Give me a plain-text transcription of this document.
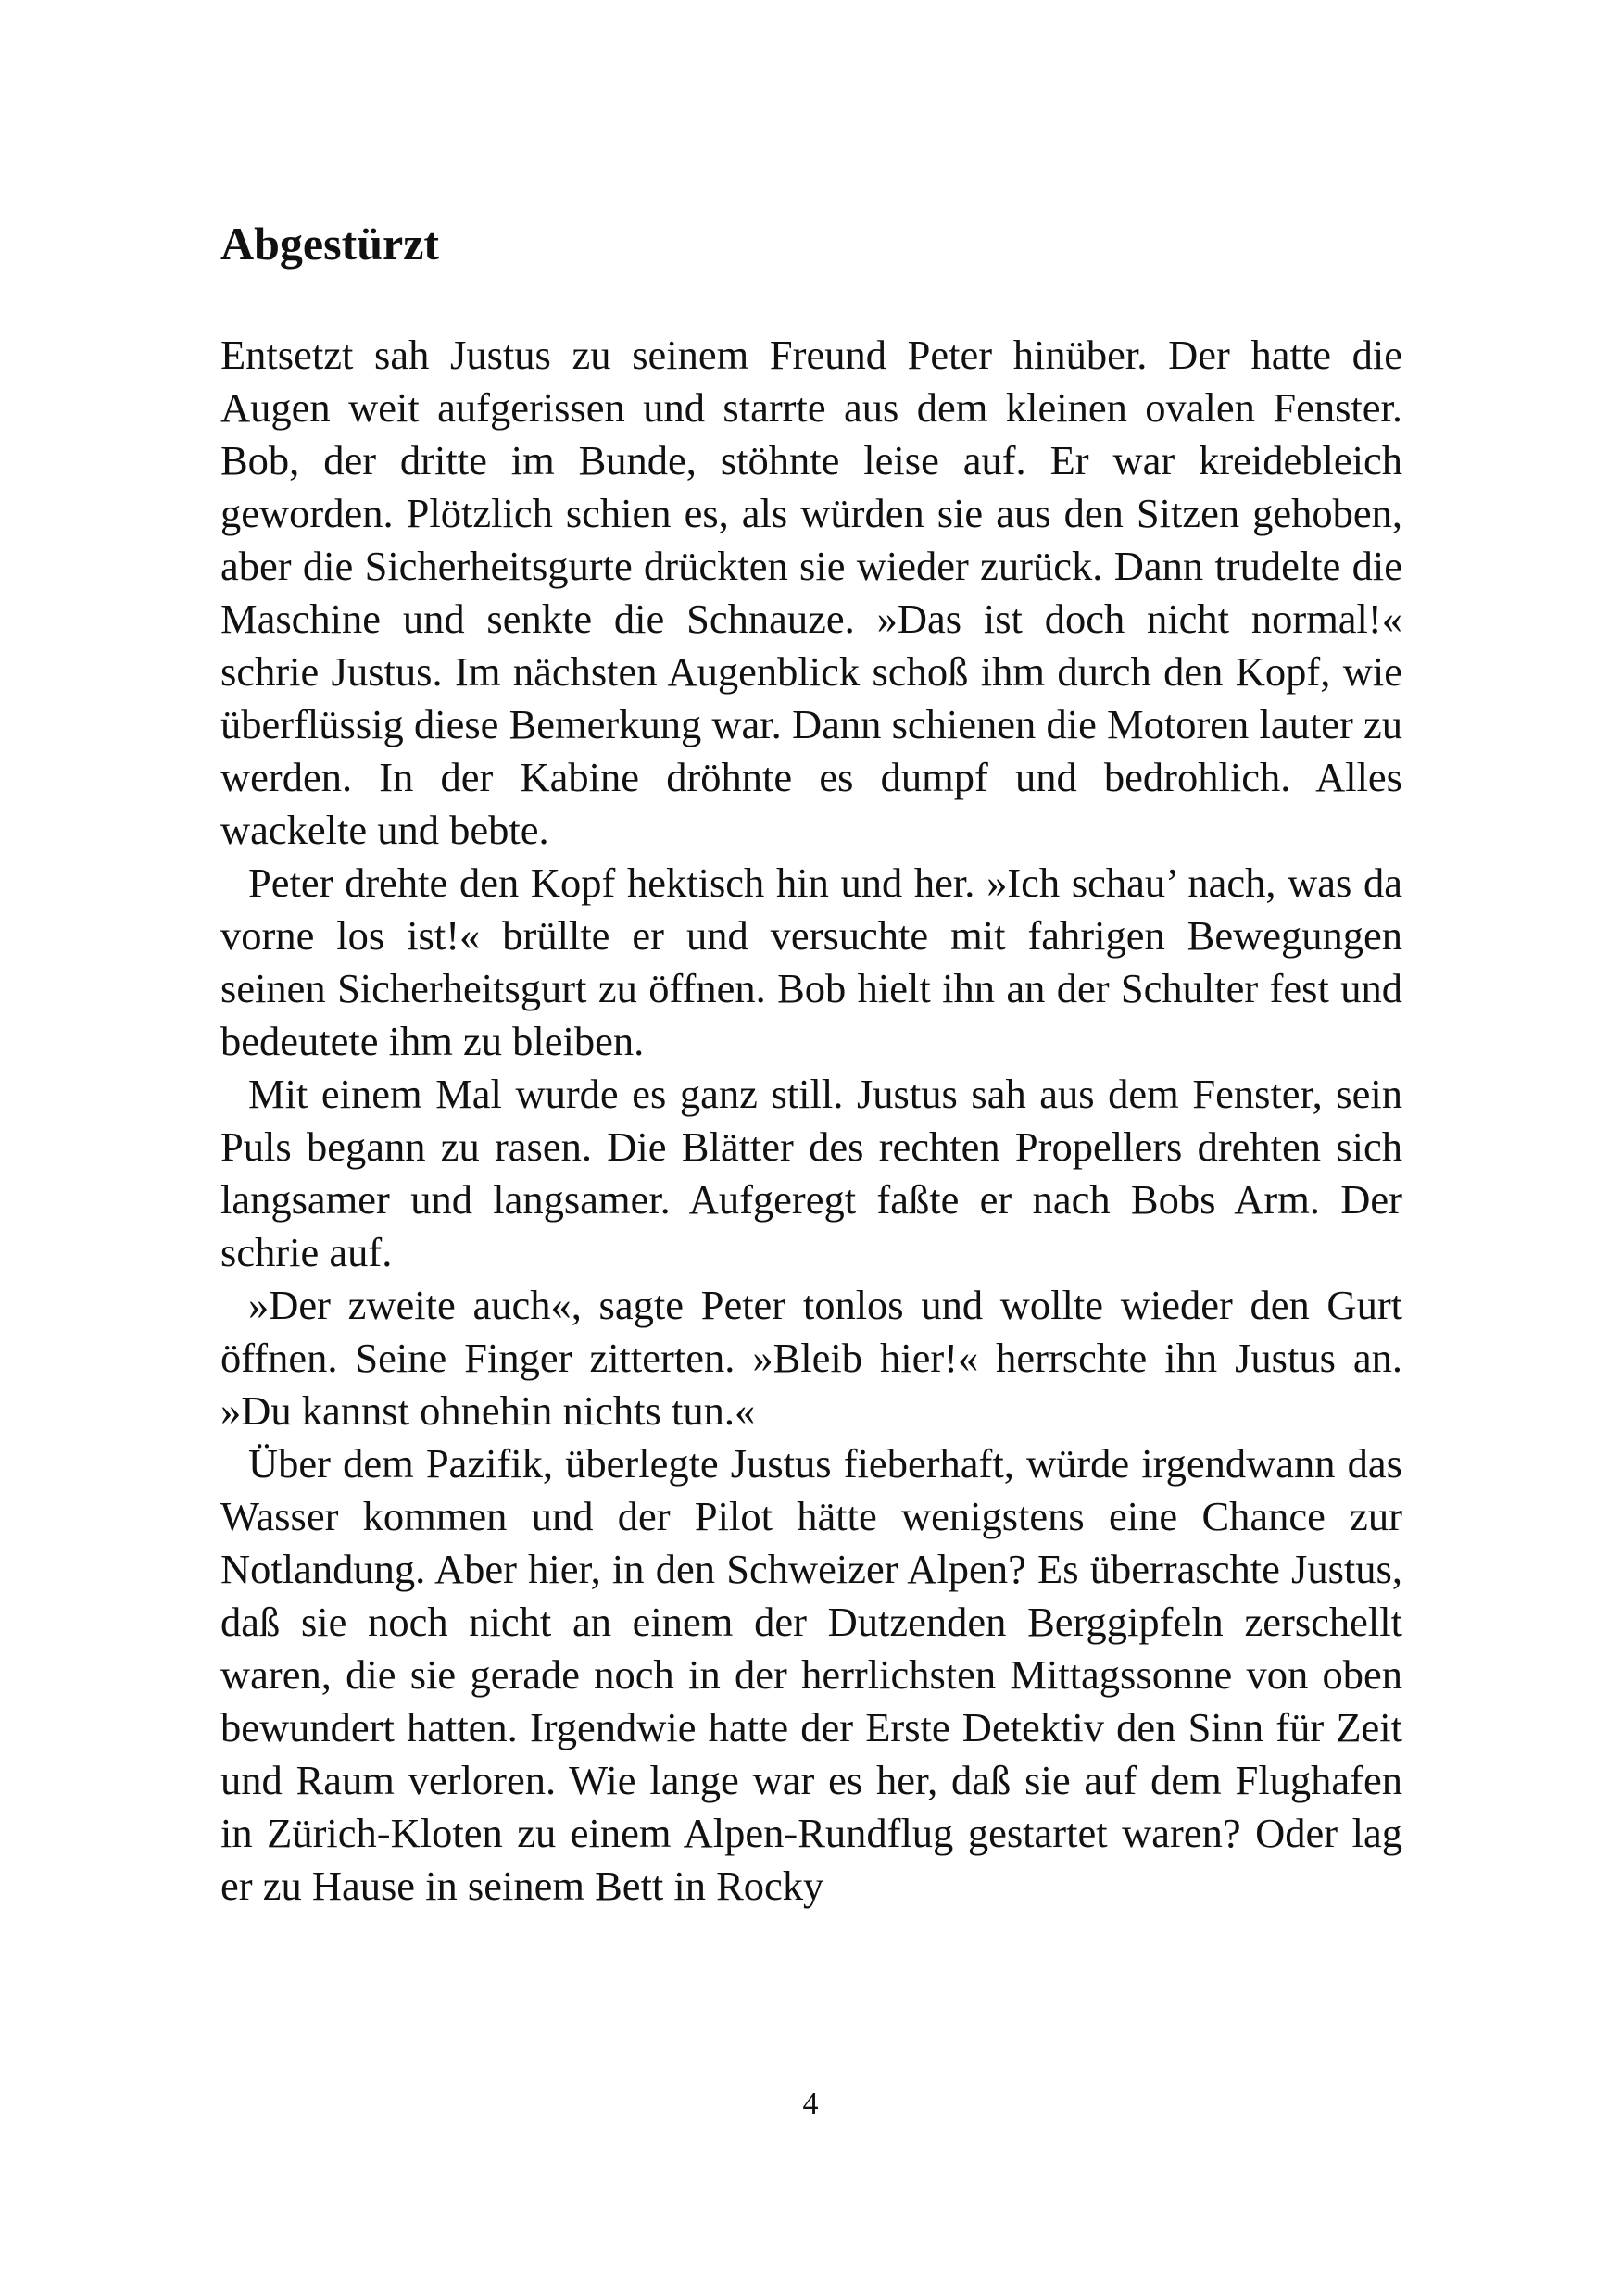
Abgestürzt

Entsetzt sah Justus zu seinem Freund Peter hinüber. Der hatte die Augen weit aufgerissen und starrte aus dem kleinen ovalen Fenster. Bob, der dritte im Bunde, stöhnte leise auf. Er war kreidebleich geworden. Plötzlich schien es, als würden sie aus den Sitzen gehoben, aber die Sicherheitsgurte drückten sie wieder zurück. Dann trudelte die Maschine und senkte die Schnauze. »Das ist doch nicht normal!« schrie Justus. Im nächsten Augenblick schoß ihm durch den Kopf, wie überflüssig diese Bemerkung war. Dann schienen die Motoren lauter zu werden. In der Kabine dröhnte es dumpf und bedrohlich. Alles wackelte und bebte.

Peter drehte den Kopf hektisch hin und her. »Ich schau’ nach, was da vorne los ist!« brüllte er und versuchte mit fahrigen Bewegungen seinen Sicherheitsgurt zu öffnen. Bob hielt ihn an der Schulter fest und bedeutete ihm zu bleiben.

Mit einem Mal wurde es ganz still. Justus sah aus dem Fenster, sein Puls begann zu rasen. Die Blätter des rechten Propellers drehten sich langsamer und langsamer. Aufgeregt faßte er nach Bobs Arm. Der schrie auf.

»Der zweite auch«, sagte Peter tonlos und wollte wieder den Gurt öffnen. Seine Finger zitterten. »Bleib hier!« herrschte ihn Justus an. »Du kannst ohnehin nichts tun.«

Über dem Pazifik, überlegte Justus fieberhaft, würde irgendwann das Wasser kommen und der Pilot hätte wenigstens eine Chance zur Notlandung. Aber hier, in den Schweizer Alpen? Es überraschte Justus, daß sie noch nicht an einem der Dutzenden Berggipfeln zerschellt waren, die sie gerade noch in der herrlichsten Mittagssonne von oben bewundert hatten. Irgendwie hatte der Erste Detektiv den Sinn für Zeit und Raum verloren. Wie lange war es her, daß sie auf dem Flughafen in Zürich-Kloten zu einem Alpen-Rundflug gestartet waren? Oder lag er zu Hause in seinem Bett in Rocky

4
